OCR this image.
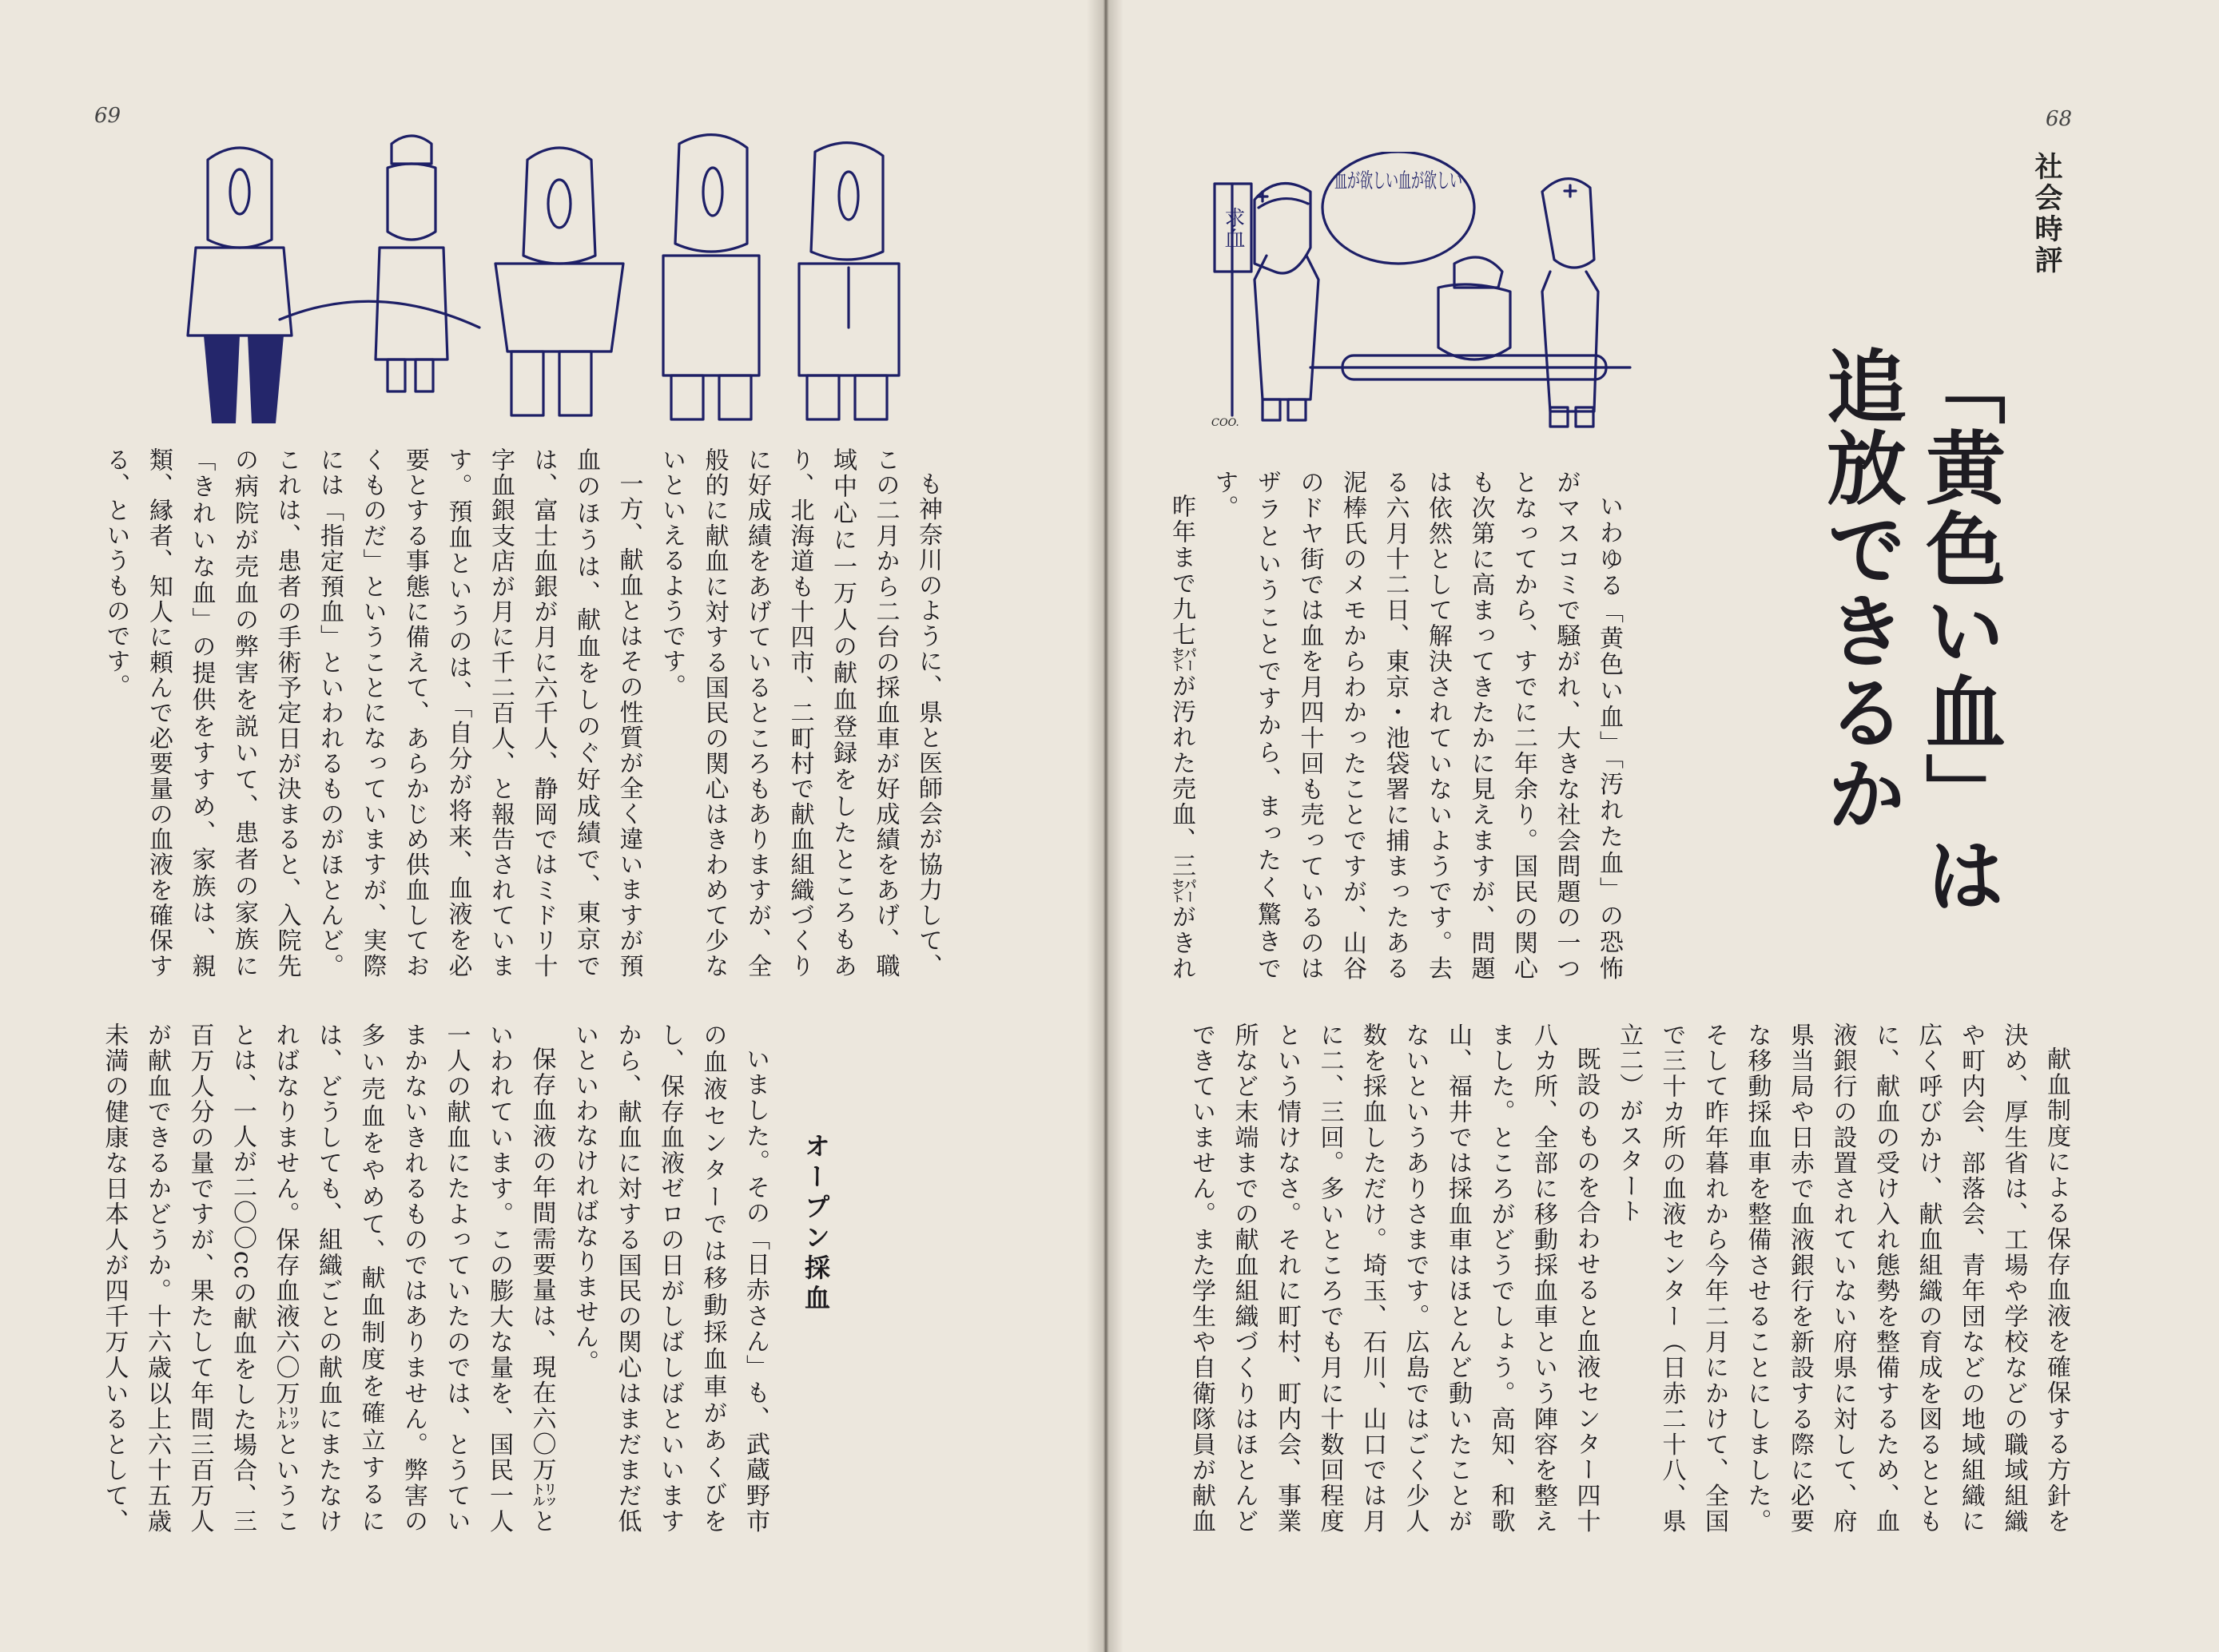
69	68
社会時評
「黄色い血」は
追放できるか
求血
血が欲しい血が欲しい
COO.

いわゆる「黄色い血」「汚れた血」の恐怖がマスコミで騒がれ、大きな社会問題の一つとなってから、すでに二年余り。国民の関心も次第に高まってきたかに見えますが、問題は依然として解決されていないようです。去る六月十二日、東京・池袋署に捕まったある泥棒氏のメモからわかったことですが、山谷のドヤ街では血を月四十回も売っているのはザラということですから、まったく驚きです。

昨年まで九七㌫が汚れた売血、三㌫がきれ

献血制度による保存血液を確保する方針を決め、厚生省は、工場や学校などの職域組織や町内会、部落会、青年団などの地域組織に広く呼びかけ、献血組織の育成を図るとともに、献血の受け入れ態勢を整備するため、血液銀行の設置されていない府県に対して、府県当局や日赤で血液銀行を新設する際に必要な移動採血車を整備させることにしました。そして昨年暮れから今年二月にかけて、全国で三十カ所の血液センター（日赤二十八、県立二）がスタート

既設のものを合わせると血液センター四十八カ所、全部に移動採血車という陣容を整えました。ところがどうでしょう。高知、和歌山、福井では採血車はほとんど動いたことがないというありさまです。広島ではごく少人数を採血しただけ。埼玉、石川、山口では月に二、三回。多いところでも月に十数回程度という情けなさ。それに町村、町内会、事業所など末端までの献血組織づくりはほとんどできていません。また学生や自衛隊員が献血

も神奈川のように、県と医師会が協力して、この二月から二台の採血車が好成績をあげ、職域中心に一万人の献血登録をしたところもあり、北海道も十四市、二町村で献血組織づくりに好成績をあげているところもありますが、全般的に献血に対する国民の関心はきわめて少ないといえるようです。

一方、献血とはその性質が全く違いますが預血のほうは、献血をしのぐ好成績で、東京では、富士血銀が月に六千人、静岡ではミドリ十字血銀支店が月に千二百人、と報告されています。預血というのは、「自分が将来、血液を必要とする事態に備えて、あらかじめ供血しておくものだ」ということになっていますが、実際には「指定預血」といわれるものがほとんど。これは、患者の手術予定日が決まると、入院先の病院が売血の弊害を説いて、患者の家族に「きれいな血」の提供をすすめ、家族は、親類、縁者、知人に頼んで必要量の血液を確保する、というものです。

オープン採血

いました。その「日赤さん」も、武蔵野市の血液センターでは移動採血車があくびをし、保存血液ゼロの日がしばしばといいますから、献血に対する国民の関心はまだまだ低いといわなければなりません。

保存血液の年間需要量は、現在六〇万㍑といわれています。この膨大な量を、国民一人一人の献血にたよっていたのでは、とうていまかないきれるものではありません。弊害の多い売血をやめて、献血制度を確立するには、どうしても、組織ごとの献血にまたなければなりません。保存血液六〇万㍑ということは、一人が二〇〇ccの献血をした場合、三百万人分の量ですが、果たして年間三百万人が献血できるかどうか。十六歳以上六十五歳未満の健康な日本人が四千万人いるとして、
